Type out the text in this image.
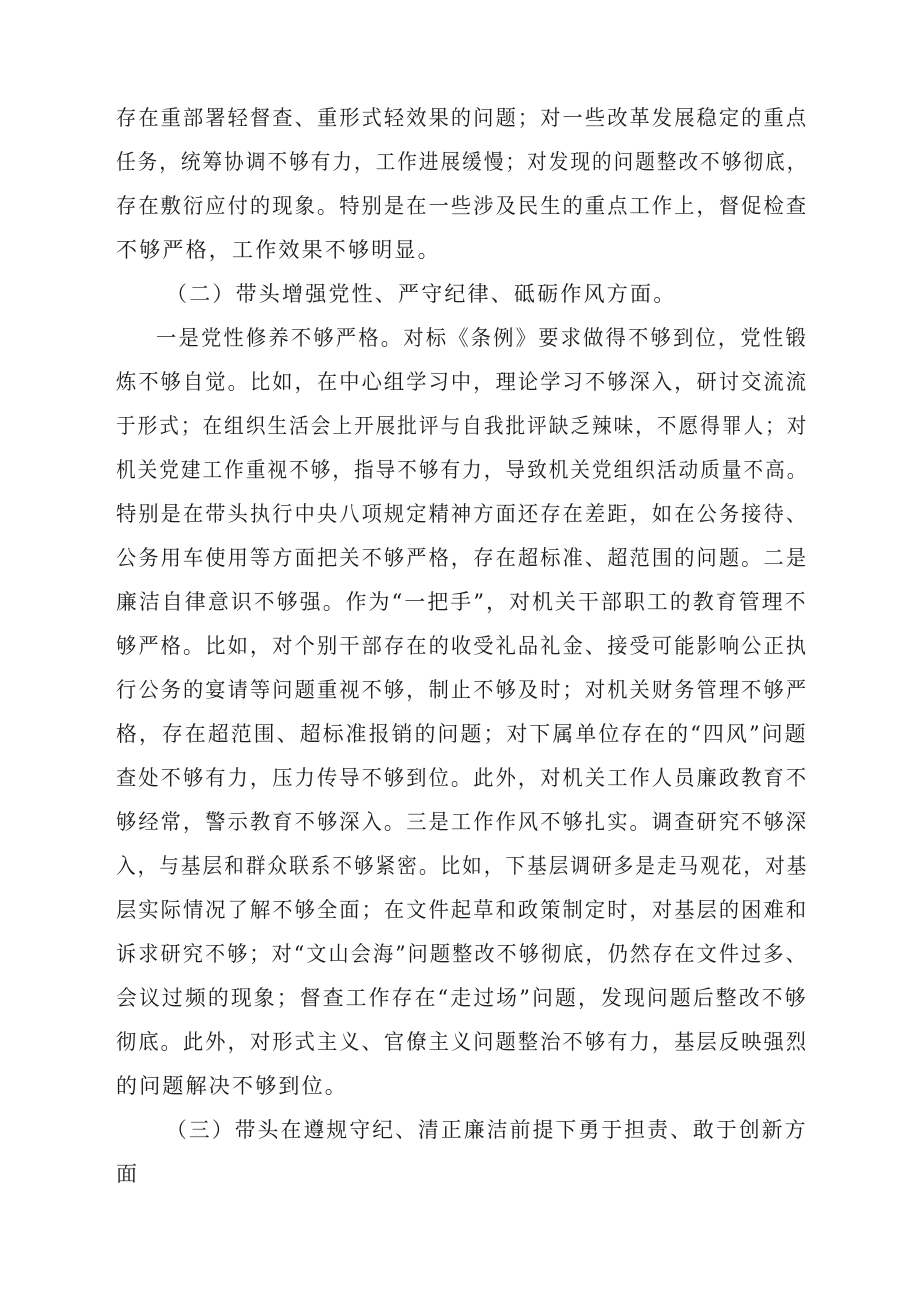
存在重部署轻督查、重形式轻效果的问题；对一些改革发展稳定的重点
任务，统筹协调不够有力，工作进展缓慢；对发现的问题整改不够彻底，
存在敷衍应付的现象。特别是在一些涉及民生的重点工作上，督促检查
不够严格，工作效果不够明显。
（二）带头增强党性、严守纪律、砥砺作风方面。
一是党性修养不够严格。对标《条例》要求做得不够到位，党性锻
炼不够自觉。比如，在中心组学习中，理论学习不够深入，研讨交流流
于形式；在组织生活会上开展批评与自我批评缺乏辣味，不愿得罪人；对
机关党建工作重视不够，指导不够有力，导致机关党组织活动质量不高。
特别是在带头执行中央八项规定精神方面还存在差距，如在公务接待、
公务用车使用等方面把关不够严格，存在超标准、超范围的问题。二是
廉洁自律意识不够强。作为“一把手”，对机关干部职工的教育管理不
够严格。比如，对个别干部存在的收受礼品礼金、接受可能影响公正执
行公务的宴请等问题重视不够，制止不够及时；对机关财务管理不够严
格，存在超范围、超标准报销的问题；对下属单位存在的“四风”问题
查处不够有力，压力传导不够到位。此外，对机关工作人员廉政教育不
够经常，警示教育不够深入。三是工作作风不够扎实。调查研究不够深
入，与基层和群众联系不够紧密。比如，下基层调研多是走马观花，对基
层实际情况了解不够全面；在文件起草和政策制定时，对基层的困难和
诉求研究不够；对“文山会海”问题整改不够彻底，仍然存在文件过多、
会议过频的现象；督查工作存在“走过场”问题，发现问题后整改不够
彻底。此外，对形式主义、官僚主义问题整治不够有力，基层反映强烈
的问题解决不够到位。
（三）带头在遵规守纪、清正廉洁前提下勇于担责、敢于创新方
面
